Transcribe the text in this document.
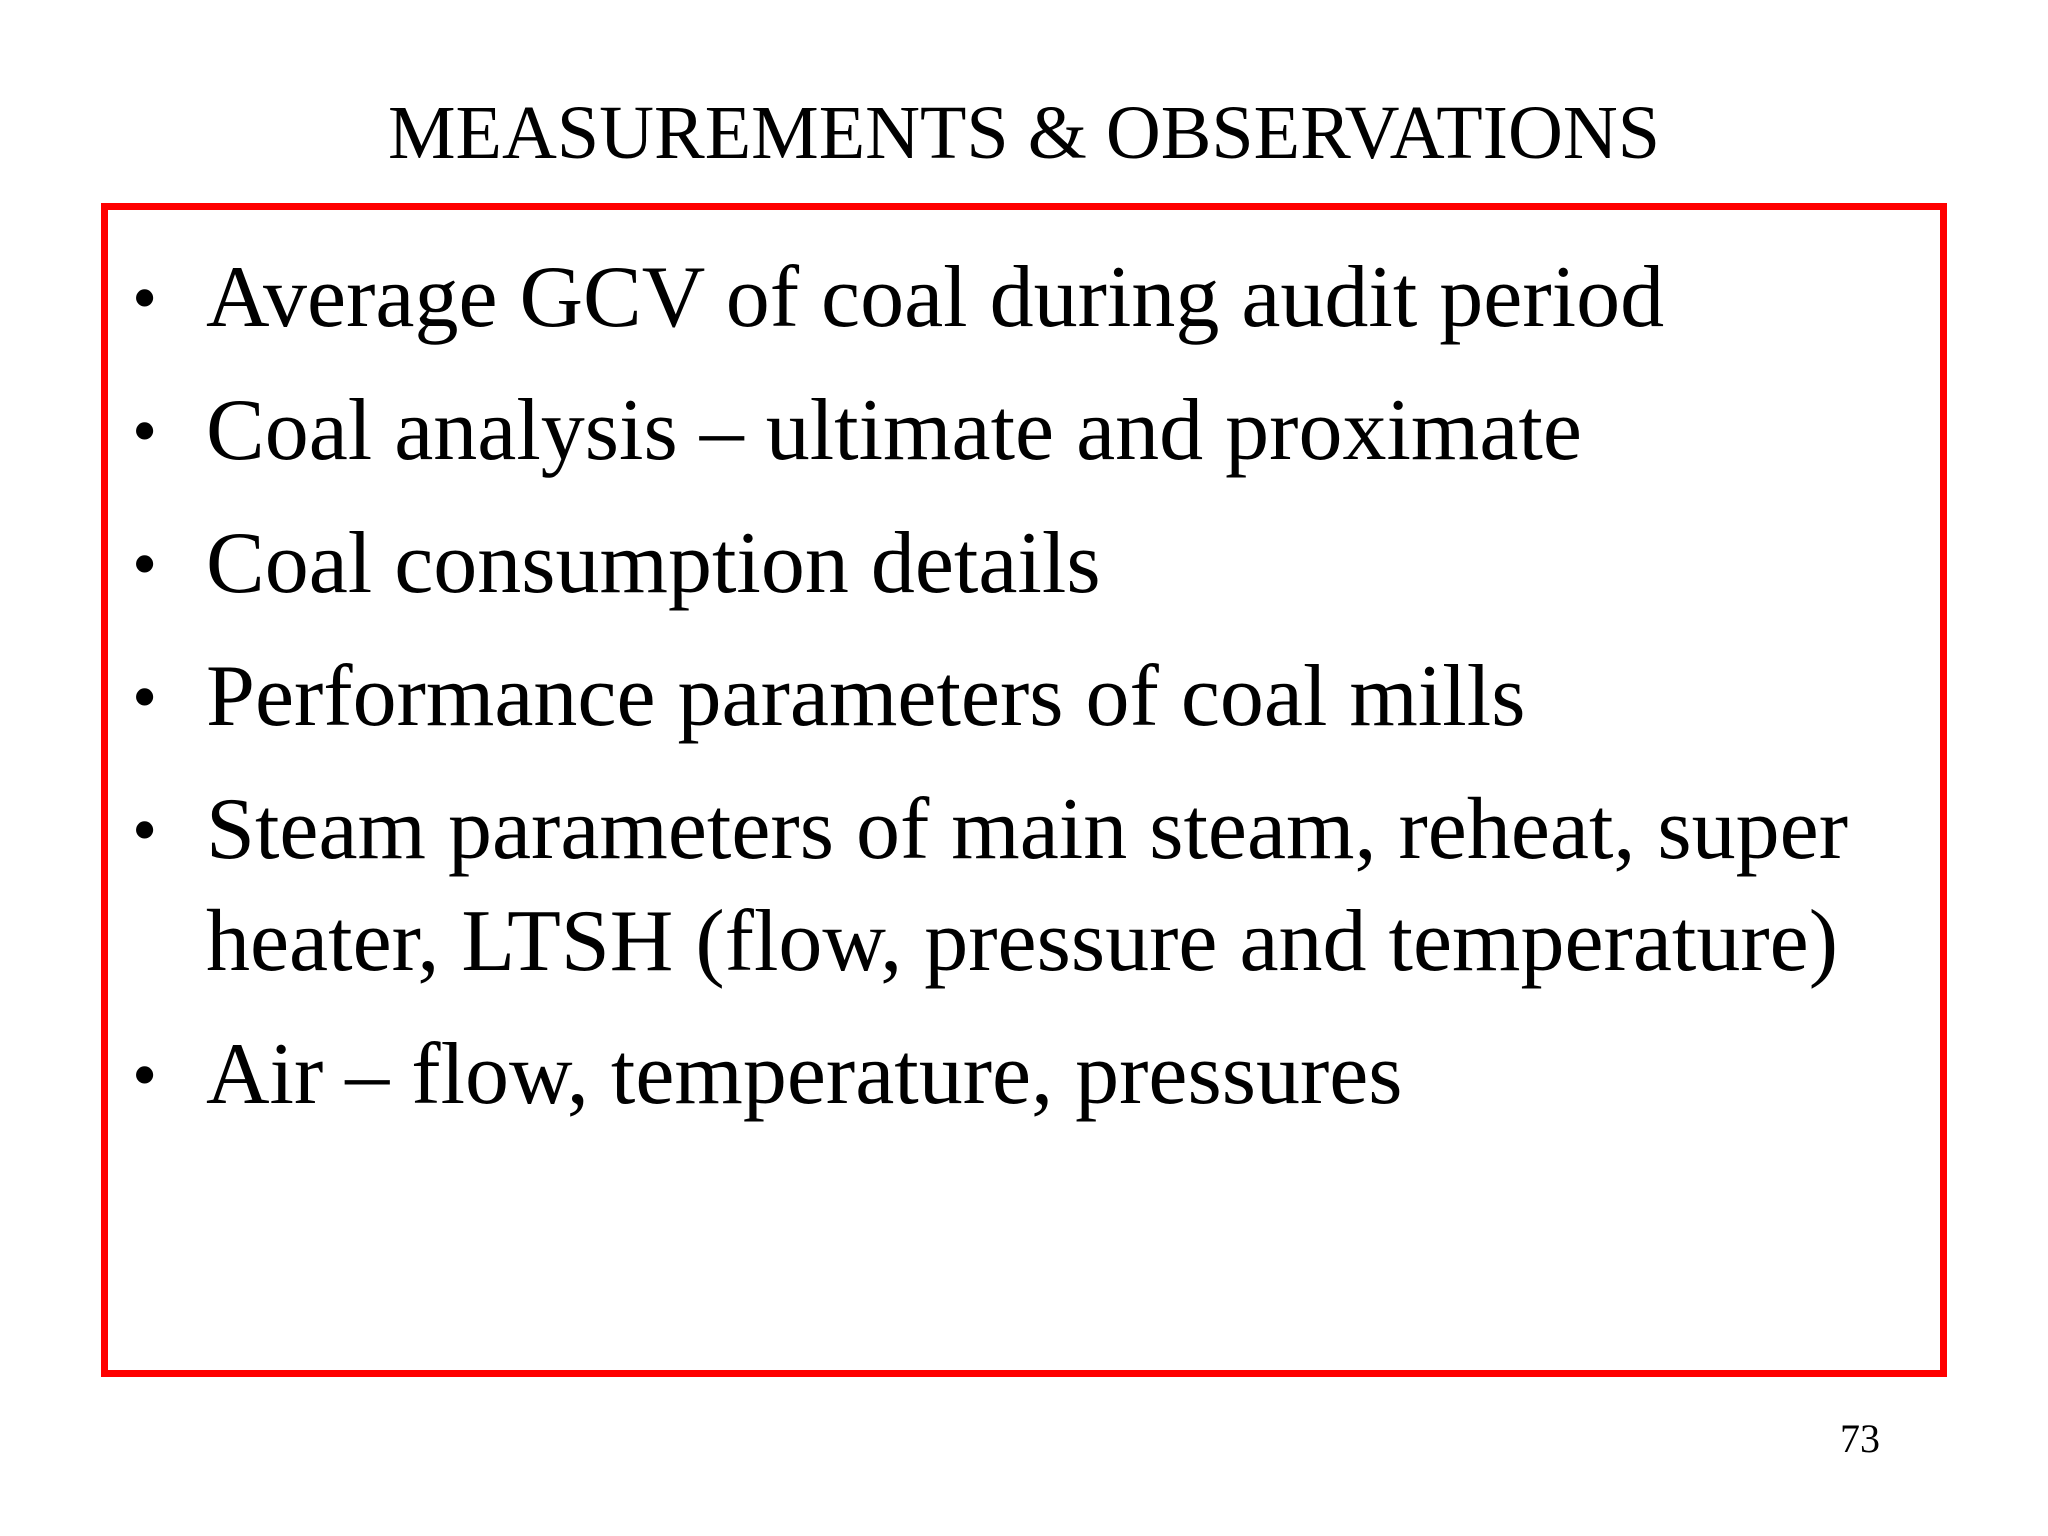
MEASUREMENTS & OBSERVATIONS
• Average GCV of coal during audit period
• Coal analysis – ultimate and proximate
• Coal consumption details
• Performance parameters of coal mills
• Steam parameters of main steam, reheat, super
heater, LTSH (flow, pressure and temperature)
• Air – flow, temperature, pressures
73
